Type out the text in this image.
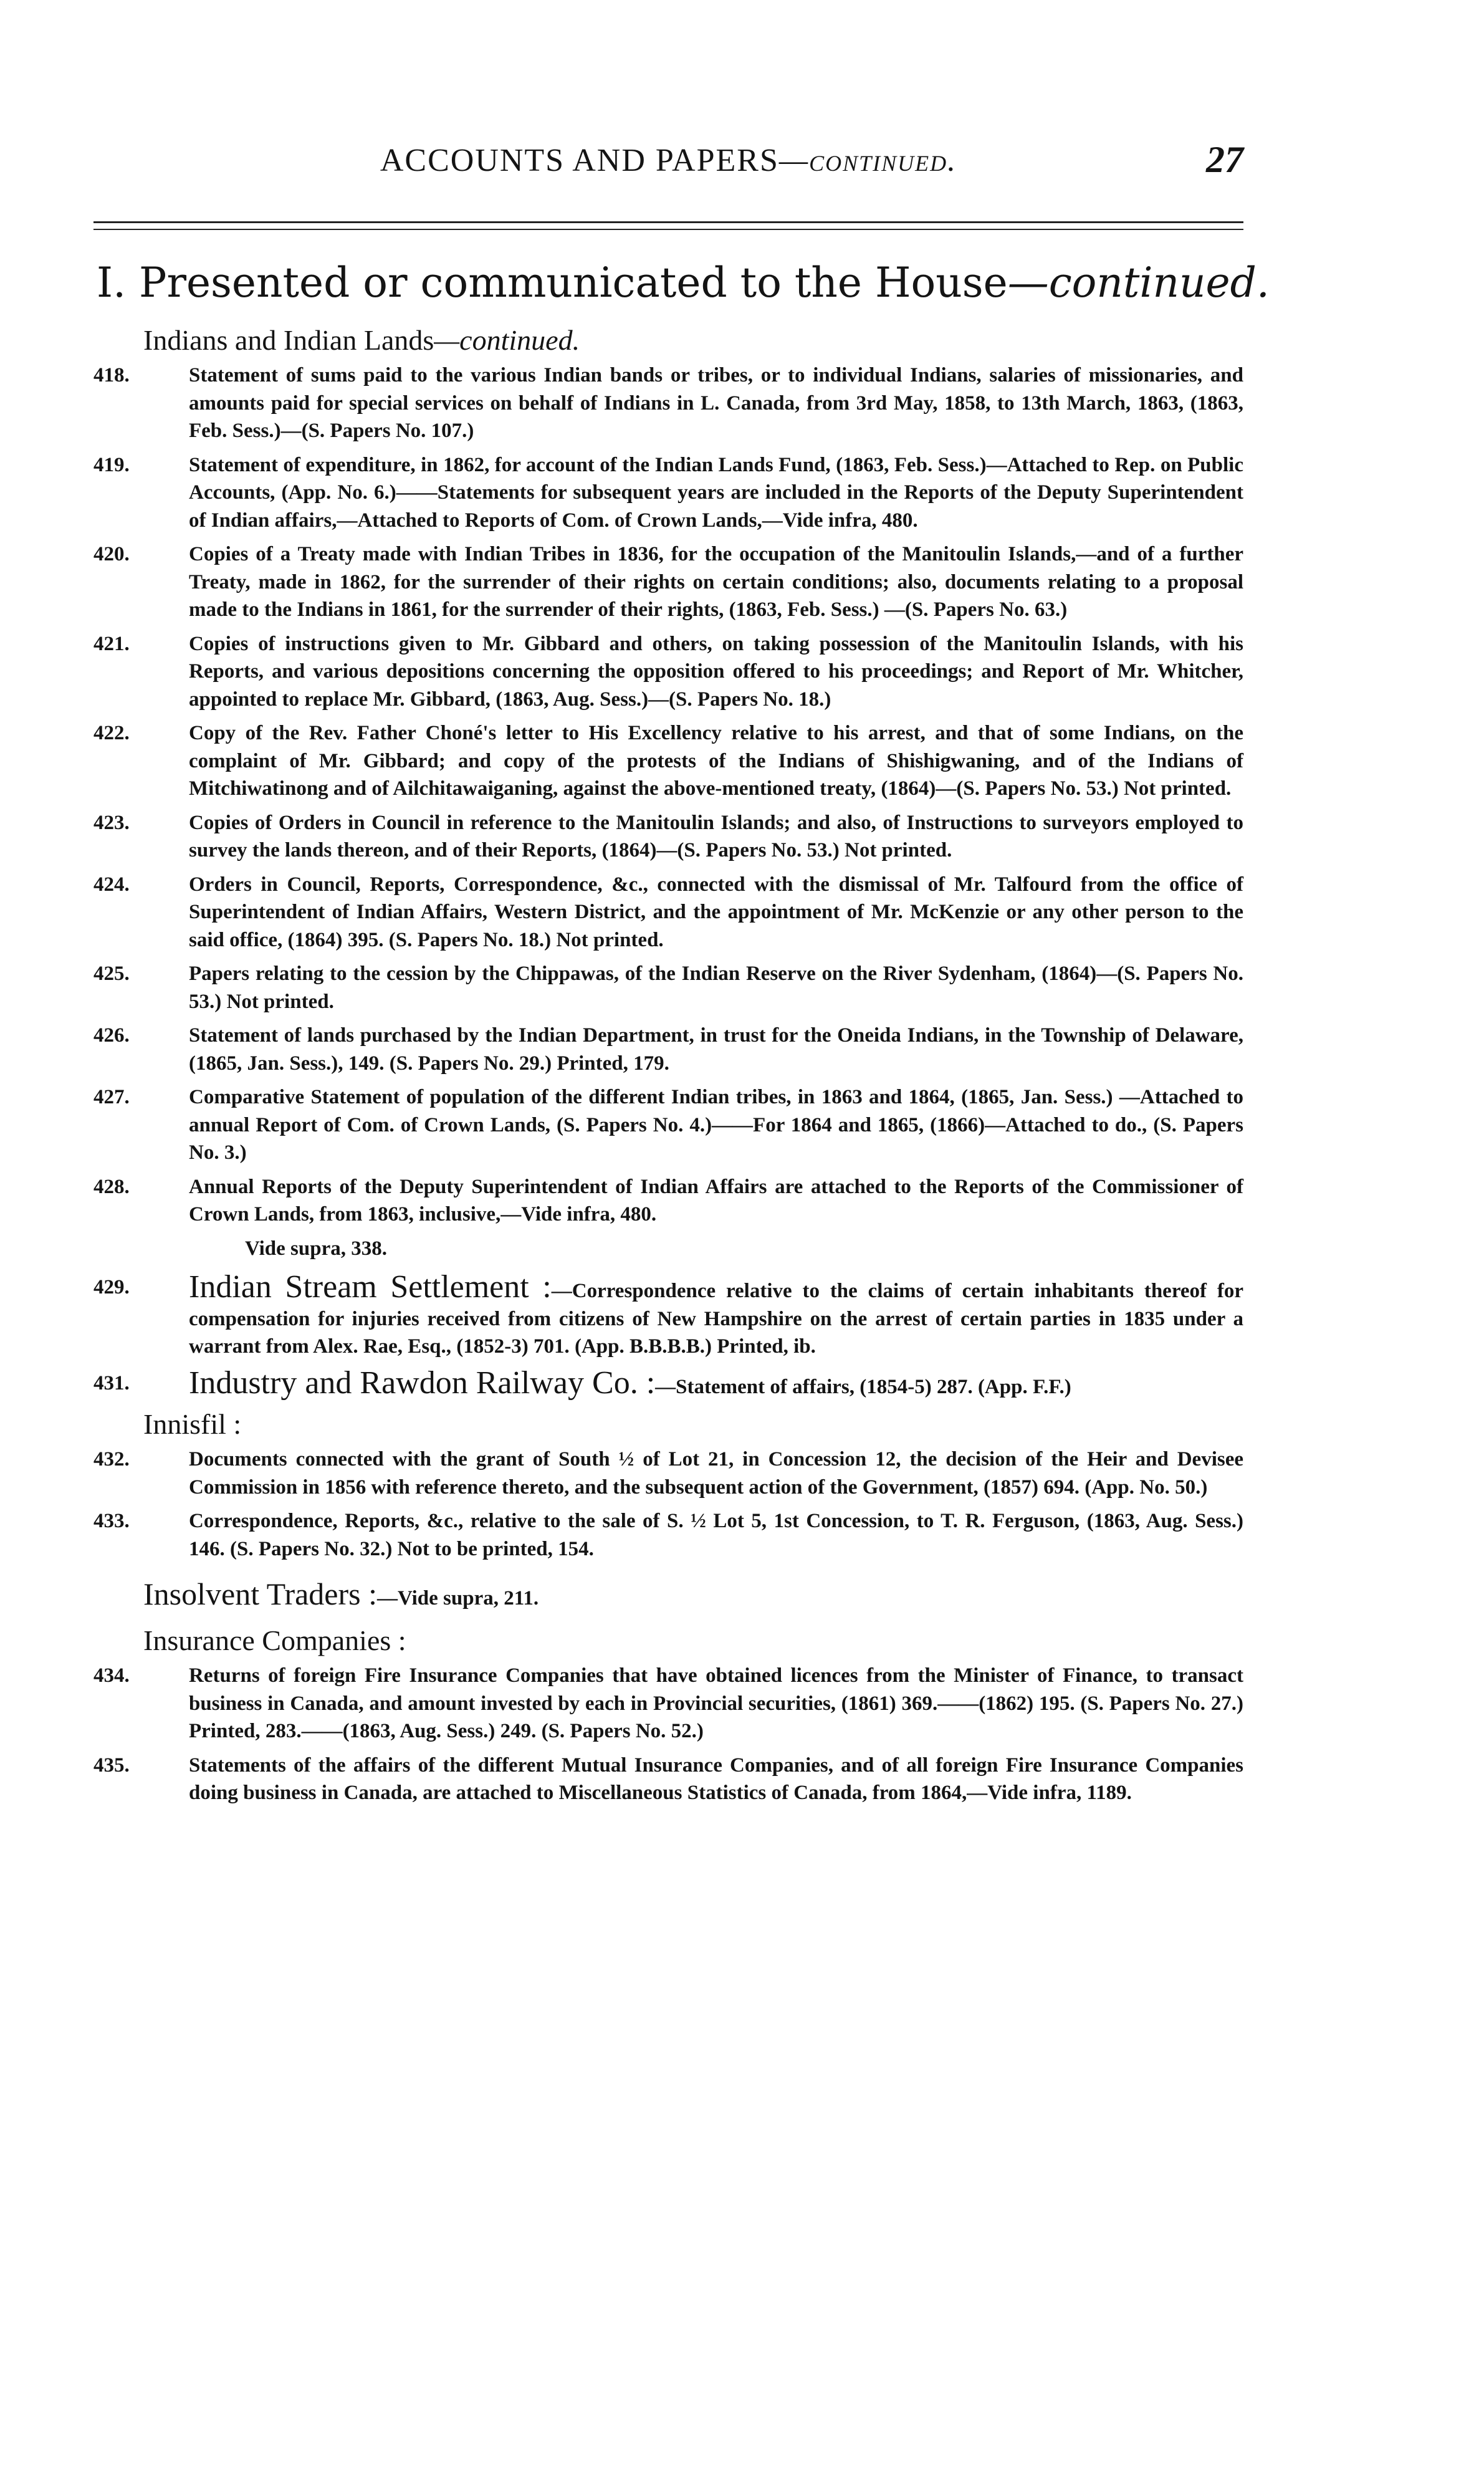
ACCOUNTS AND PAPERS—continued.	27
I. Presented or communicated to the House—continued.
Indians and Indian Lands—continued.
418.	Statement of sums paid to the various Indian bands or tribes, or to individual Indians, salaries of missionaries, and amounts paid for special services on behalf of Indians in L. Canada, from 3rd May, 1858, to 13th March, 1863, (1863, Feb. Sess.)—(S. Papers No. 107.)
419.	Statement of expenditure, in 1862, for account of the Indian Lands Fund, (1863, Feb. Sess.)—Attached to Rep. on Public Accounts, (App. No. 6.)——Statements for subsequent years are included in the Reports of the Deputy Superintendent of Indian affairs,—Attached to Reports of Com. of Crown Lands,—Vide infra, 480.
420.	Copies of a Treaty made with Indian Tribes in 1836, for the occupation of the Manitoulin Islands,—and of a further Treaty, made in 1862, for the surrender of their rights on certain conditions; also, documents relating to a proposal made to the Indians in 1861, for the surrender of their rights, (1863, Feb. Sess.) —(S. Papers No. 63.)
421.	Copies of instructions given to Mr. Gibbard and others, on taking possession of the Manitoulin Islands, with his Reports, and various depositions concerning the opposition offered to his proceedings; and Report of Mr. Whitcher, appointed to replace Mr. Gibbard, (1863, Aug. Sess.)—(S. Papers No. 18.)
422.	Copy of the Rev. Father Choné's letter to His Excellency relative to his arrest, and that of some Indians, on the complaint of Mr. Gibbard; and copy of the protests of the Indians of Shishigwaning, and of the Indians of Mitchiwatinong and of Ailchitawaiganing, against the above-mentioned treaty, (1864)—(S. Papers No. 53.) Not printed.
423.	Copies of Orders in Council in reference to the Manitoulin Islands; and also, of Instructions to surveyors employed to survey the lands thereon, and of their Reports, (1864)—(S. Papers No. 53.) Not printed.
424.	Orders in Council, Reports, Correspondence, &c., connected with the dismissal of Mr. Talfourd from the office of Superintendent of Indian Affairs, Western District, and the appointment of Mr. McKenzie or any other person to the said office, (1864) 395. (S. Papers No. 18.) Not printed.
425.	Papers relating to the cession by the Chippawas, of the Indian Reserve on the River Sydenham, (1864)—(S. Papers No. 53.) Not printed.
426.	Statement of lands purchased by the Indian Department, in trust for the Oneida Indians, in the Township of Delaware, (1865, Jan. Sess.), 149. (S. Papers No. 29.) Printed, 179.
427.	Comparative Statement of population of the different Indian tribes, in 1863 and 1864, (1865, Jan. Sess.) —Attached to annual Report of Com. of Crown Lands, (S. Papers No. 4.)——For 1864 and 1865, (1866)—Attached to do., (S. Papers No. 3.)
428.	Annual Reports of the Deputy Superintendent of Indian Affairs are attached to the Reports of the Commissioner of Crown Lands, from 1863, inclusive,—Vide infra, 480.
Vide supra, 338.
429. Indian Stream Settlement :—Correspondence relative to the claims of certain inhabitants thereof for compensation for injuries received from citizens of New Hampshire on the arrest of certain parties in 1835 under a warrant from Alex. Rae, Esq., (1852-3) 701. (App. B.B.B.B.) Printed, ib.
431. Industry and Rawdon Railway Co. :—Statement of affairs, (1854-5) 287. (App. F.F.)
Innisfil :
432.	Documents connected with the grant of South ½ of Lot 21, in Concession 12, the decision of the Heir and Devisee Commission in 1856 with reference thereto, and the subsequent action of the Government, (1857) 694. (App. No. 50.)
433.	Correspondence, Reports, &c., relative to the sale of S. ½ Lot 5, 1st Concession, to T. R. Ferguson, (1863, Aug. Sess.) 146. (S. Papers No. 32.) Not to be printed, 154.
Insolvent Traders :—Vide supra, 211.
Insurance Companies :
434.	Returns of foreign Fire Insurance Companies that have obtained licences from the Minister of Finance, to transact business in Canada, and amount invested by each in Provincial securities, (1861) 369.——(1862) 195. (S. Papers No. 27.) Printed, 283.——(1863, Aug. Sess.) 249. (S. Papers No. 52.)
435.	Statements of the affairs of the different Mutual Insurance Companies, and of all foreign Fire Insurance Companies doing business in Canada, are attached to Miscellaneous Statistics of Canada, from 1864,—Vide infra, 1189.
